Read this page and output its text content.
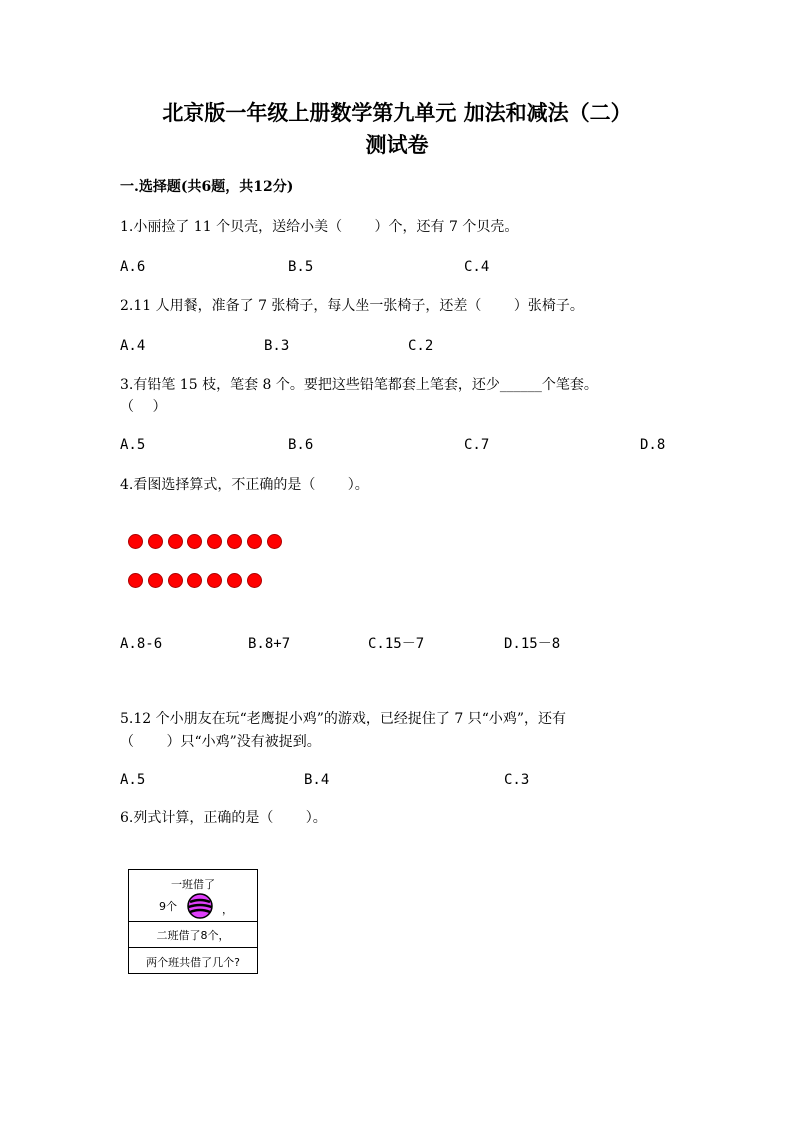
北京版一年级上册数学第九单元 加法和减法（二）
测试卷
一.选择题(共6题，共12分)
1.小丽捡了 11 个贝壳，送给小美（　　 ）个，还有 7 个贝壳。
A.6	B.5	C.4
2.11 人用餐，准备了 7 张椅子，每人坐一张椅子，还差（　　 ）张椅子。
A.4	B.3	C.2
3.有铅笔 15 枝，笔套 8 个。要把这些铅笔都套上笔套，还少______个笔套。
（　 ）
A.5	B.6	C.7	D.8
4.看图选择算式，不正确的是（　　 ）。
A.8-6	B.8+7	C.15－7	D.15－8
5.12 个小朋友在玩“老鹰捉小鸡”的游戏，已经捉住了 7 只“小鸡”，还有
（　　 ）只“小鸡”没有被捉到。
A.5	B.4	C.3
6.列式计算，正确的是（　　 ）。
一班借了
9个	，
二班借了8个，
两个班共借了几个?
